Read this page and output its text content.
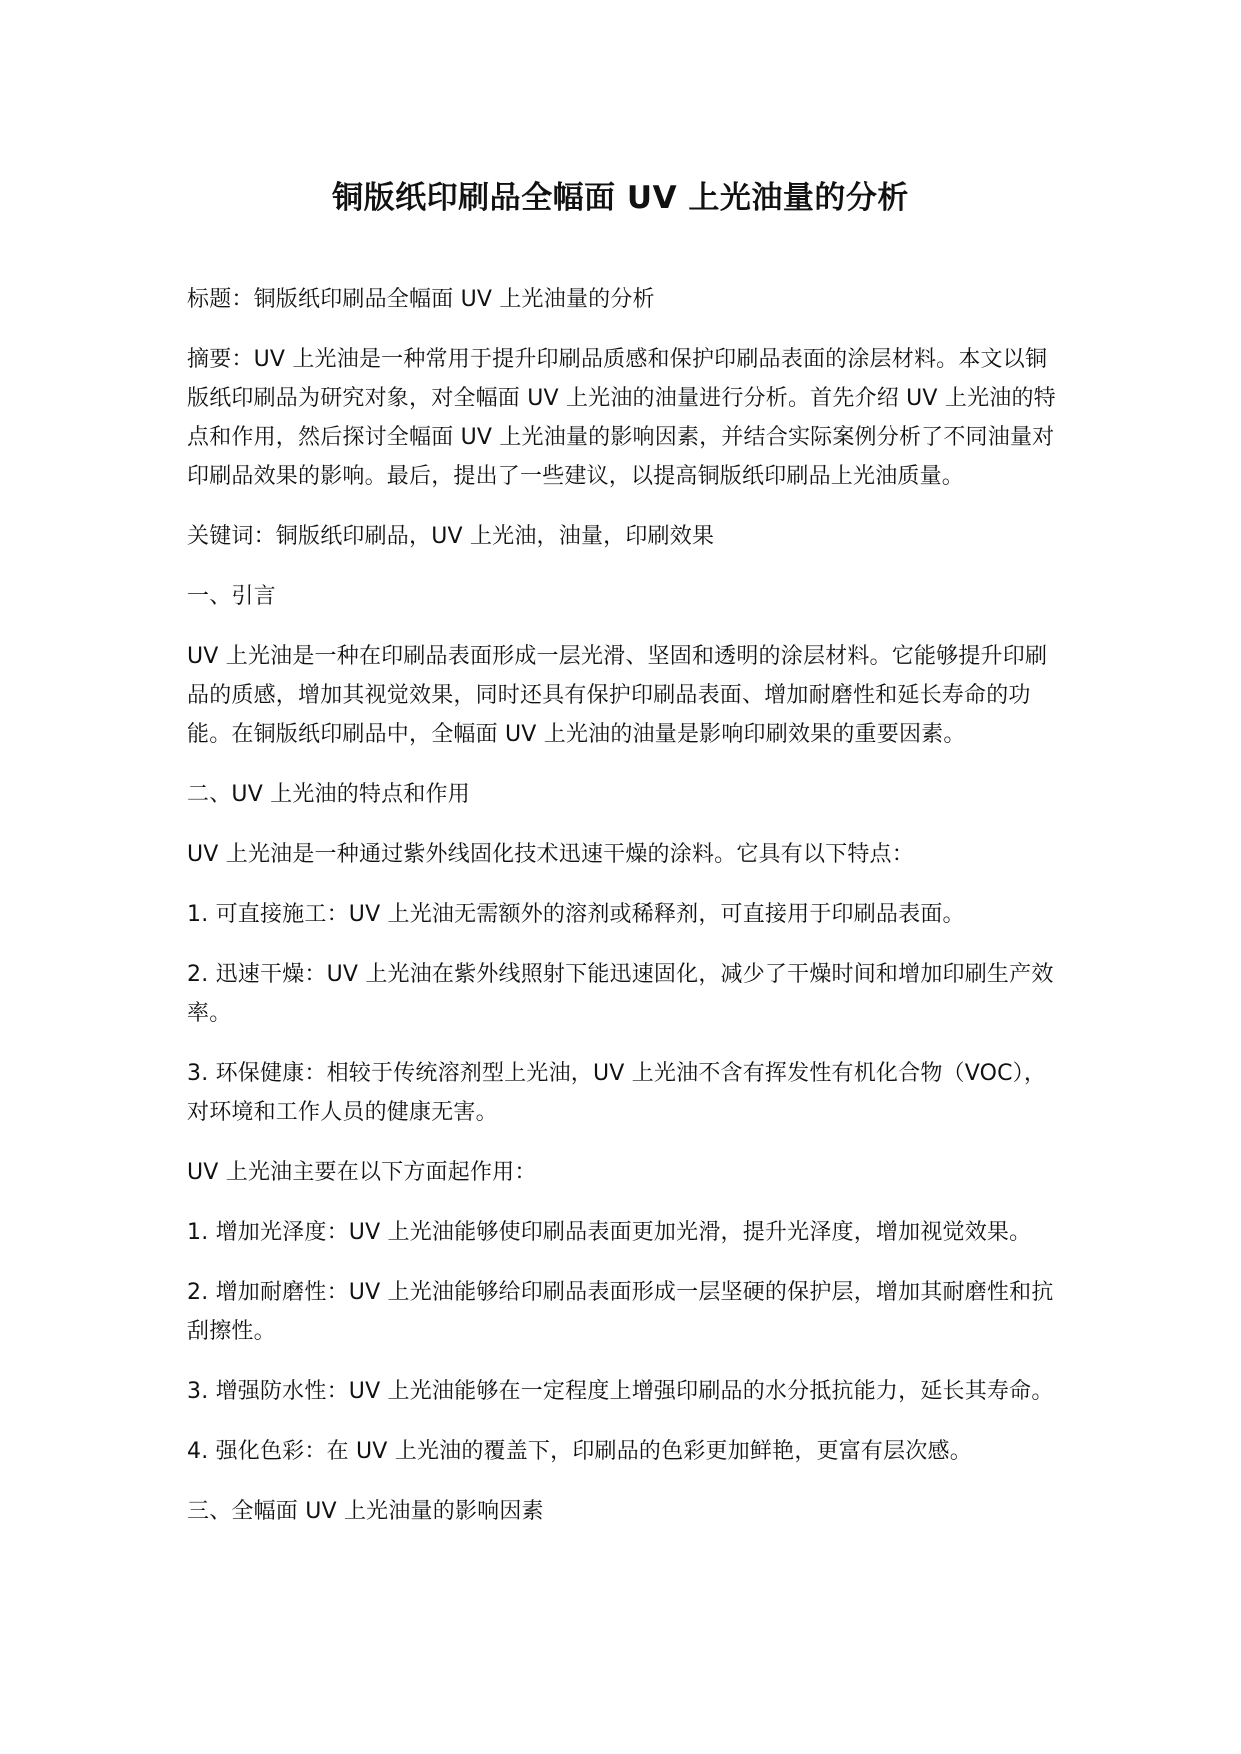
铜版纸印刷品全幅面 UV 上光油量的分析

标题：铜版纸印刷品全幅面 UV 上光油量的分析

摘要：UV 上光油是一种常用于提升印刷品质感和保护印刷品表面的涂层材料。本文以铜版纸印刷品为研究对象，对全幅面 UV 上光油的油量进行分析。首先介绍 UV 上光油的特点和作用，然后探讨全幅面 UV 上光油量的影响因素，并结合实际案例分析了不同油量对印刷品效果的影响。最后，提出了一些建议，以提高铜版纸印刷品上光油质量。

关键词：铜版纸印刷品，UV 上光油，油量，印刷效果

一、引言

UV 上光油是一种在印刷品表面形成一层光滑、坚固和透明的涂层材料。它能够提升印刷品的质感，增加其视觉效果，同时还具有保护印刷品表面、增加耐磨性和延长寿命的功能。在铜版纸印刷品中，全幅面 UV 上光油的油量是影响印刷效果的重要因素。

二、UV 上光油的特点和作用

UV 上光油是一种通过紫外线固化技术迅速干燥的涂料。它具有以下特点：

1. 可直接施工：UV 上光油无需额外的溶剂或稀释剂，可直接用于印刷品表面。

2. 迅速干燥：UV 上光油在紫外线照射下能迅速固化，减少了干燥时间和增加印刷生产效率。

3. 环保健康：相较于传统溶剂型上光油，UV 上光油不含有挥发性有机化合物（VOC），对环境和工作人员的健康无害。

UV 上光油主要在以下方面起作用：

1. 增加光泽度：UV 上光油能够使印刷品表面更加光滑，提升光泽度，增加视觉效果。

2. 增加耐磨性：UV 上光油能够给印刷品表面形成一层坚硬的保护层，增加其耐磨性和抗刮擦性。

3. 增强防水性：UV 上光油能够在一定程度上增强印刷品的水分抵抗能力，延长其寿命。

4. 强化色彩：在 UV 上光油的覆盖下，印刷品的色彩更加鲜艳，更富有层次感。

三、全幅面 UV 上光油量的影响因素
